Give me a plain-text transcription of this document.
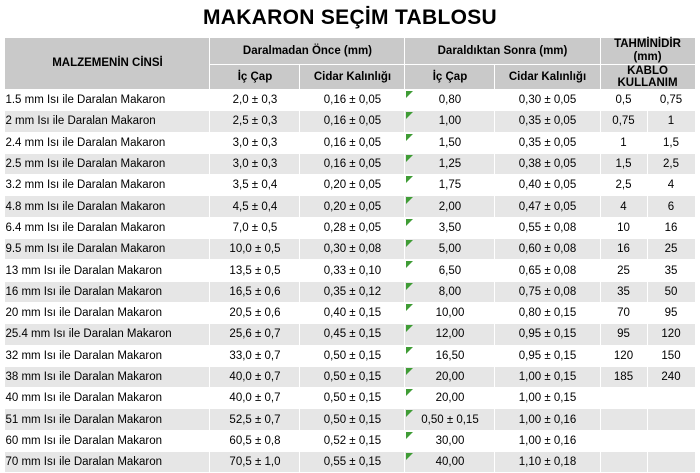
MAKARON SEÇİM TABLOSU
MALZEMENİN CİNSİ	Daralmadan Önce (mm)		Daraldıktan Sonra (mm)		TAHMİNİDİR (mm)	
	İç Çap	Cidar Kalınlığı	İç Çap	Cidar Kalınlığı	KABLO KULLANIM	
1.5 mm Isı ile Daralan Makaron	2,0 ± 0,3	0,16 ± 0,05	0,80	0,30 ± 0,05	0,5	0,75
2 mm Isı ile Daralan Makaron	2,5 ± 0,3	0,16 ± 0,05	1,00	0,35 ± 0,05	0,75	1
2.4 mm Isı ile Daralan Makaron	3,0 ± 0,3	0,16 ± 0,05	1,50	0,35 ± 0,05	1	1,5
2.5 mm Isı ile Daralan Makaron	3,0 ± 0,3	0,16 ± 0,05	1,25	0,38 ± 0,05	1,5	2,5
3.2 mm Isı ile Daralan Makaron	3,5 ± 0,4	0,20 ± 0,05	1,75	0,40 ± 0,05	2,5	4
4.8 mm Isı ile Daralan Makaron	4,5 ± 0,4	0,20 ± 0,05	2,00	0,47 ± 0,05	4	6
6.4 mm Isı ile Daralan Makaron	7,0 ± 0,5	0,28 ± 0,05	3,50	0,55 ± 0,08	10	16
9.5 mm Isı ile Daralan Makaron	10,0 ± 0,5	0,30 ± 0,08	5,00	0,60 ± 0,08	16	25
13 mm Isı ile Daralan Makaron	13,5 ± 0,5	0,33 ± 0,10	6,50	0,65 ± 0,08	25	35
16 mm Isı ile Daralan Makaron	16,5 ± 0,6	0,35 ± 0,12	8,00	0,75 ± 0,08	35	50
20 mm Isı ile Daralan Makaron	20,5 ± 0,6	0,40 ± 0,15	10,00	0,80 ± 0,15	70	95
25.4 mm Isı ile Daralan Makaron	25,6 ± 0,7	0,45 ± 0,15	12,00	0,95 ± 0,15	95	120
32 mm Isı ile Daralan Makaron	33,0 ± 0,7	0,50 ± 0,15	16,50	0,95 ± 0,15	120	150
38 mm Isı ile Daralan Makaron	40,0 ± 0,7	0,50 ± 0,15	20,00	1,00 ± 0,15	185	240
40 mm Isı ile Daralan Makaron	40,0 ± 0,7	0,50 ± 0,15	20,00	1,00 ± 0,15		
51 mm Isı ile Daralan Makaron	52,5 ± 0,7	0,50 ± 0,15	0,50 ± 0,15	1,00 ± 0,16		
60 mm Isı ile Daralan Makaron	60,5 ± 0,8	0,52 ± 0,15	30,00	1,00 ± 0,16		
70 mm Isı ile Daralan Makaron	70,5 ± 1,0	0,55 ± 0,15	40,00	1,10 ± 0,18		
